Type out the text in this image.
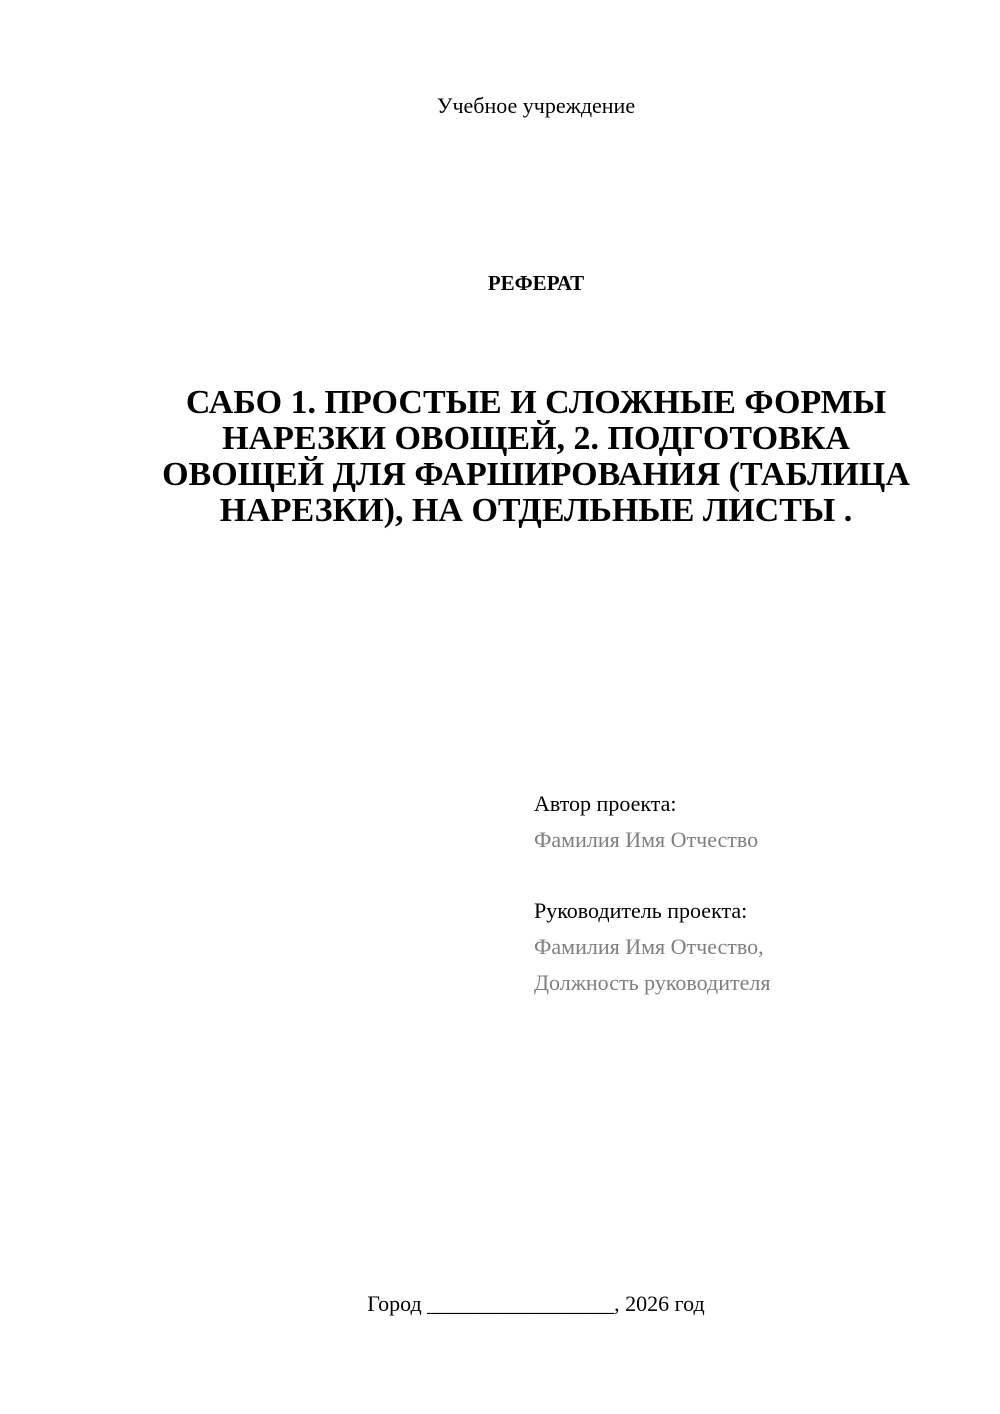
Учебное учреждение
РЕФЕРАТ
САБО 1. ПРОСТЫЕ И СЛОЖНЫЕ ФОРМЫ НАРЕЗКИ ОВОЩЕЙ, 2. ПОДГОТОВКА ОВОЩЕЙ ДЛЯ ФАРШИРОВАНИЯ (ТАБЛИЦА НАРЕЗКИ), НА ОТДЕЛЬНЫЕ ЛИСТЫ .
Автор проекта:
Фамилия Имя Отчество
Руководитель проекта:
Фамилия Имя Отчество,
Должность руководителя
Город _________________, 2026 год
